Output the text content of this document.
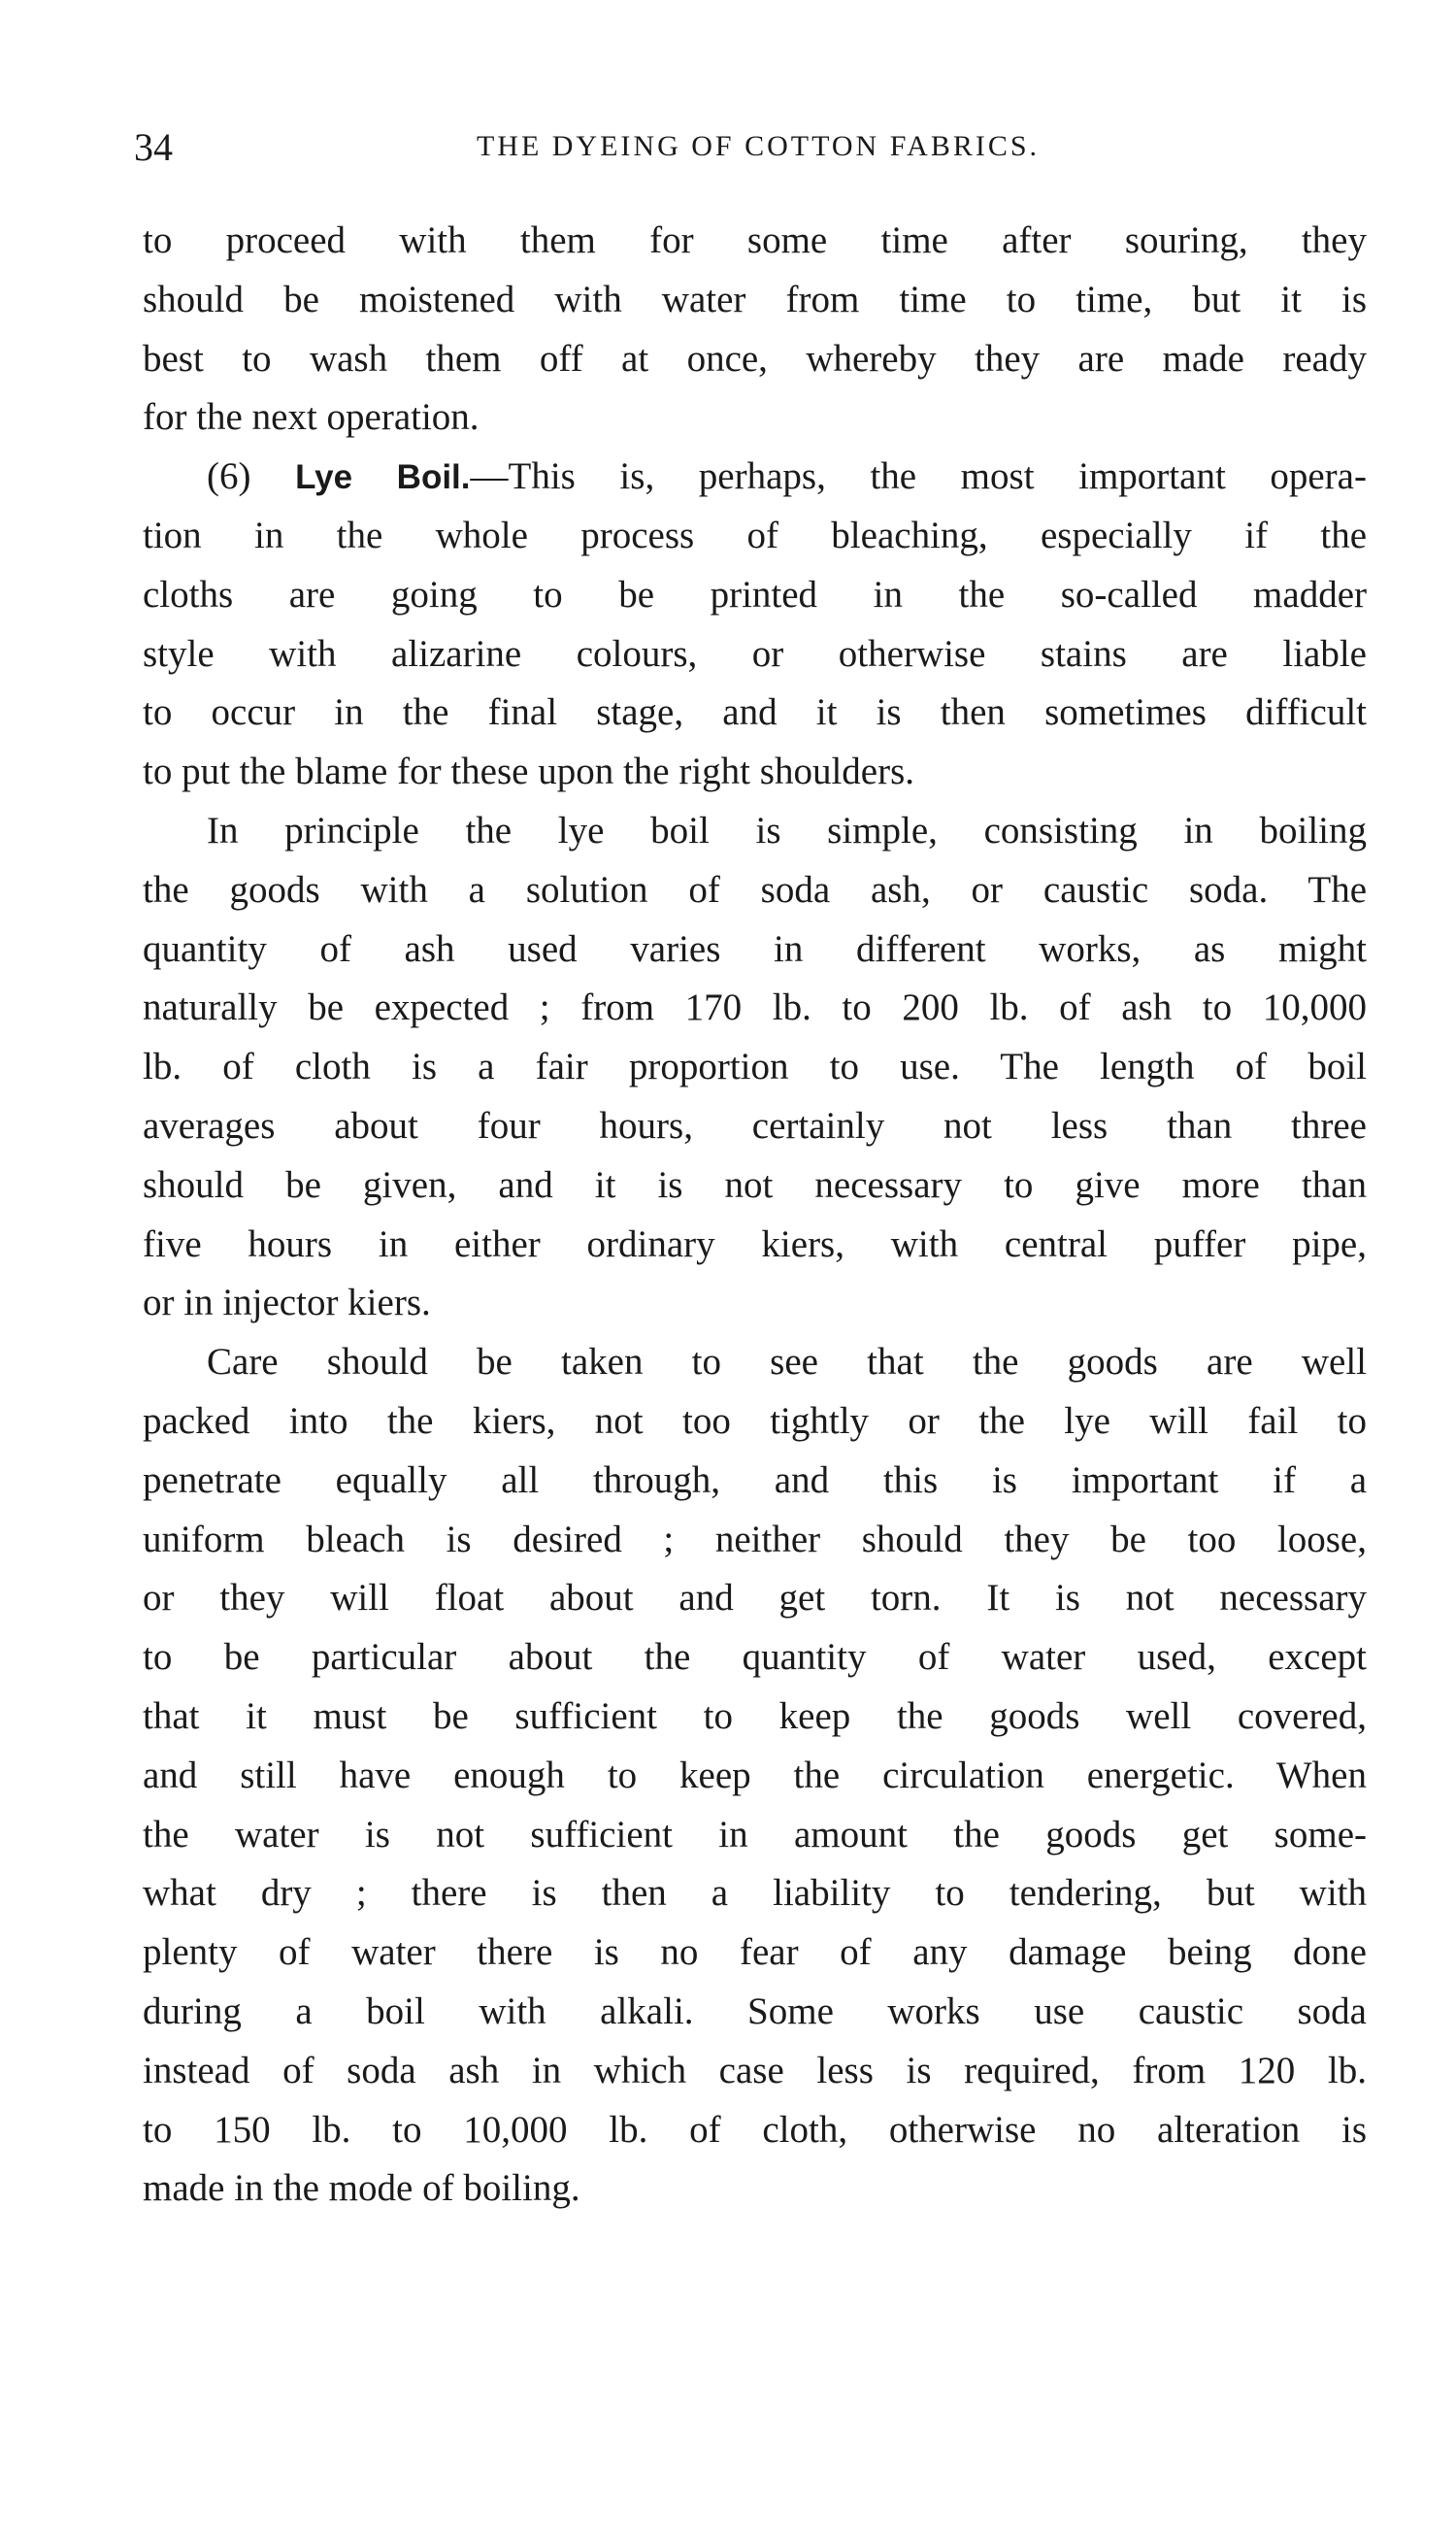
34	THE DYEING OF COTTON FABRICS.
to proceed with them for some time after souring, they
should be moistened with water from time to time, but it is
best to wash them off at once, whereby they are made ready
for the next operation.
(6) Lye Boil.—This is, perhaps, the most important opera-
tion in the whole process of bleaching, especially if the
cloths are going to be printed in the so-called madder
style with alizarine colours, or otherwise stains are liable
to occur in the final stage, and it is then sometimes difficult
to put the blame for these upon the right shoulders.
In principle the lye boil is simple, consisting in boiling
the goods with a solution of soda ash, or caustic soda. The
quantity of ash used varies in different works, as might
naturally be expected ; from 170 lb. to 200 lb. of ash to 10,000
lb. of cloth is a fair proportion to use. The length of boil
averages about four hours, certainly not less than three
should be given, and it is not necessary to give more than
five hours in either ordinary kiers, with central puffer pipe,
or in injector kiers.
Care should be taken to see that the goods are well
packed into the kiers, not too tightly or the lye will fail to
penetrate equally all through, and this is important if a
uniform bleach is desired ; neither should they be too loose,
or they will float about and get torn. It is not necessary
to be particular about the quantity of water used, except
that it must be sufficient to keep the goods well covered,
and still have enough to keep the circulation energetic. When
the water is not sufficient in amount the goods get some-
what dry ; there is then a liability to tendering, but with
plenty of water there is no fear of any damage being done
during a boil with alkali. Some works use caustic soda
instead of soda ash in which case less is required, from 120 lb.
to 150 lb. to 10,000 lb. of cloth, otherwise no alteration is
made in the mode of boiling.
